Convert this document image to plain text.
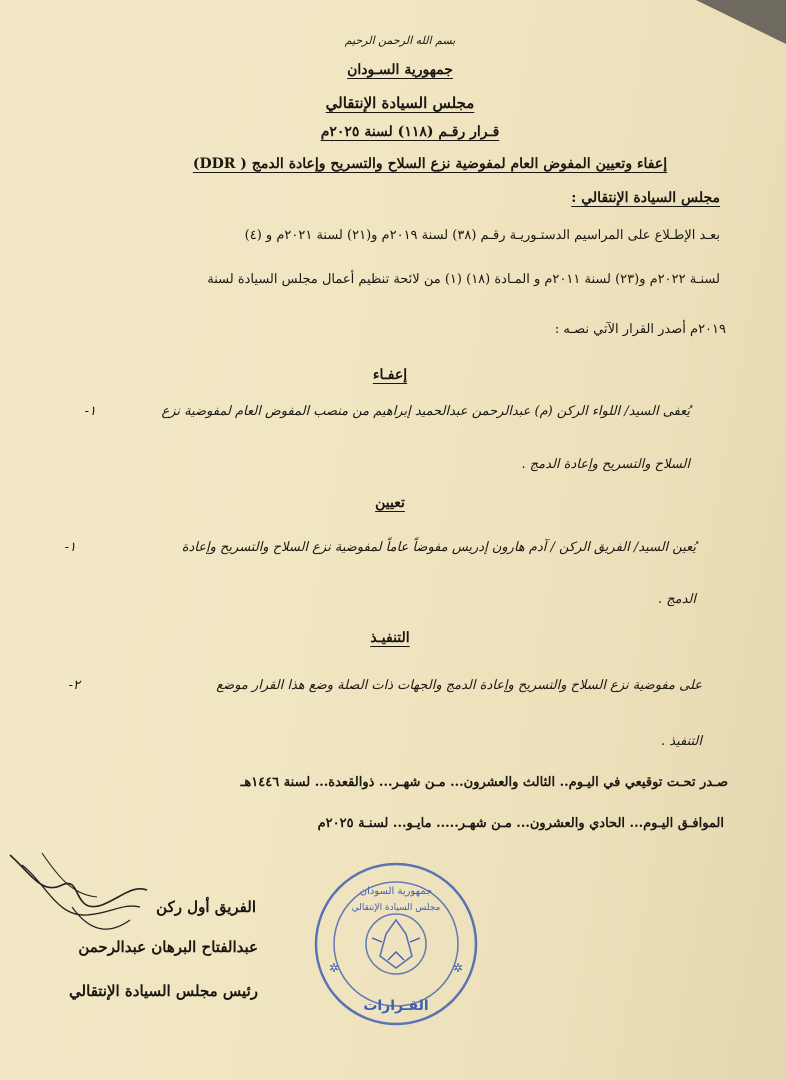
بسم الله الرحمن الرحيم
جمهورية السـودان
مجلس السيادة الإنتقالي
قـرار رقـم (١١٨) لسنة ٢٠٢٥م
إعفاء وتعيين المفوض العام لمفوضية نزع السلاح والتسريح وإعادة الدمج ( DDR)
مجلس السيادة الإنتقالي :
بعـد الإطـلاع على المراسيم الدستـوريـة رقـم (٣٨) لسنة ٢٠١٩م و(٢١) لسنة ٢٠٢١م و (٤)
لسنـة ٢٠٢٢م و(٢٣) لسنة ٢٠١١م و المـادة (١٨) (١) من لائحة تنظيم أعمال مجلس السيادة لسنة
٢٠١٩م أصدر القرار الآتي نصـه :
إعفـاء
١-	يُعفى السيد/ اللواء الركن (م) عبدالرحمن عبدالحميد إبراهيم من منصب المفوض العام لمفوضية نزع
السلاح والتسريح وإعادة الدمج .
تعيين
١-	يُعين السيد/ الفريق الركن / آدم هارون إدريس مفوضاً عاماً لمفوضية نزع السلاح والتسريح وإعادة
الدمج .
التنفيـذ
٢-	على مفوضية نزع السلاح والتسريح وإعادة الدمج والجهات ذات الصلة وضع هذا القرار موضع
التنفيذ .
صـدر تحـت توقيعي في اليـوم.. الثالث والعشرون... مـن شهـر... ذوالقعدة... لسنة ١٤٤٦هـ
الموافـق اليـوم... الحادي والعشرون... مـن شهـر..... مايـو... لسنـة ٢٠٢٥م
الفريق أول ركن
عبدالفتاح البرهان عبدالرحمن
رئيس مجلس السيادة الإنتقالي
جمهورية السودان
مجلس السيادة الإنتقالي
القـرارات
✲	✲
